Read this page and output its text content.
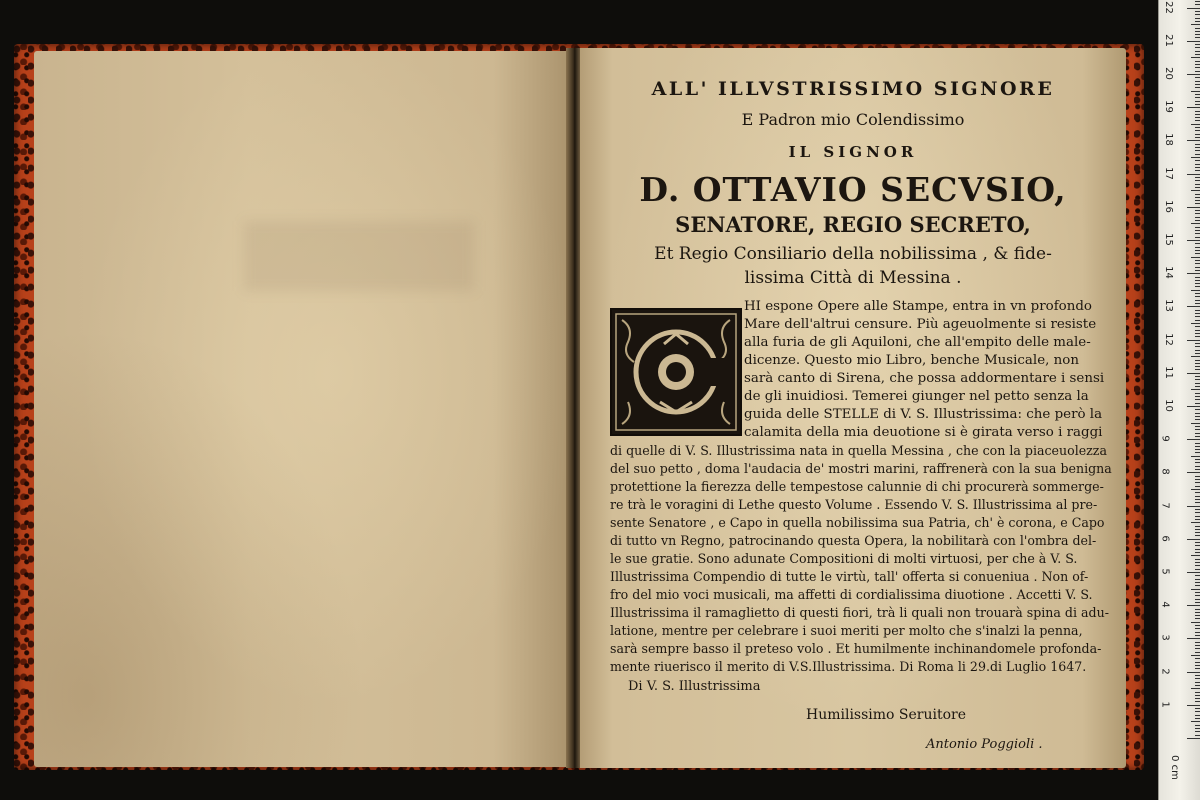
ALL' ILLVSTRISSIMO SIGNORE
E Padron mio Colendissimo
IL SIGNOR
D. OTTAVIO SECVSIO,
SENATORE, REGIO SECRETO,
Et Regio Consiliario della nobilissima , & fide-
lissima Città di Messina .
HI espone Opere alle Stampe, entra in vn profondo
Mare dell'altrui censure. Più ageuolmente si resiste
alla furia de gli Aquiloni, che all'empito delle male-
dicenze. Questo mio Libro, benche Musicale, non
sarà canto di Sirena, che possa addormentare i sensi
de gli inuidiosi. Temerei giunger nel petto senza la
guida delle STELLE di V. S. Illustrissima: che però la
calamita della mia deuotione si è girata verso i raggi
di quelle di V. S. Illustrissima nata in quella Messina , che con la piaceuolezza
del suo petto , doma l'audacia de' mostri marini, raffrenerà con la sua benigna
protettione la fierezza delle tempestose calunnie di chi procurerà sommerge-
re trà le voragini di Lethe questo Volume . Essendo V. S. Illustrissima al pre-
sente Senatore , e Capo in quella nobilissima sua Patria, ch' è corona, e Capo
di tutto vn Regno, patrocinando questa Opera, la nobilitarà con l'ombra del-
le sue gratie. Sono adunate Compositioni di molti virtuosi, per che à V. S.
Illustrissima Compendio di tutte le virtù, tall' offerta si conueniua . Non of-
fro del mio voci musicali, ma affetti di cordialissima diuotione . Accetti V. S.
Illustrissima il ramaglietto di questi fiori, trà li quali non trouarà spina di adu-
latione, mentre per celebrare i suoi meriti per molto che s'inalzi la penna,
sarà sempre basso il preteso volo . Et humilmente inchinandomele profonda-
mente riuerisco il merito di V.S.Illustrissima. Di Roma li 29.di Luglio 1647.
Di V. S. Illustrissima
Humilissimo Seruitore
Antonio Poggioli .
0 cm
1
2
3
4
5
6
7
8
9
10
11
12
13
14
15
16
17
18
19
20
21
22
